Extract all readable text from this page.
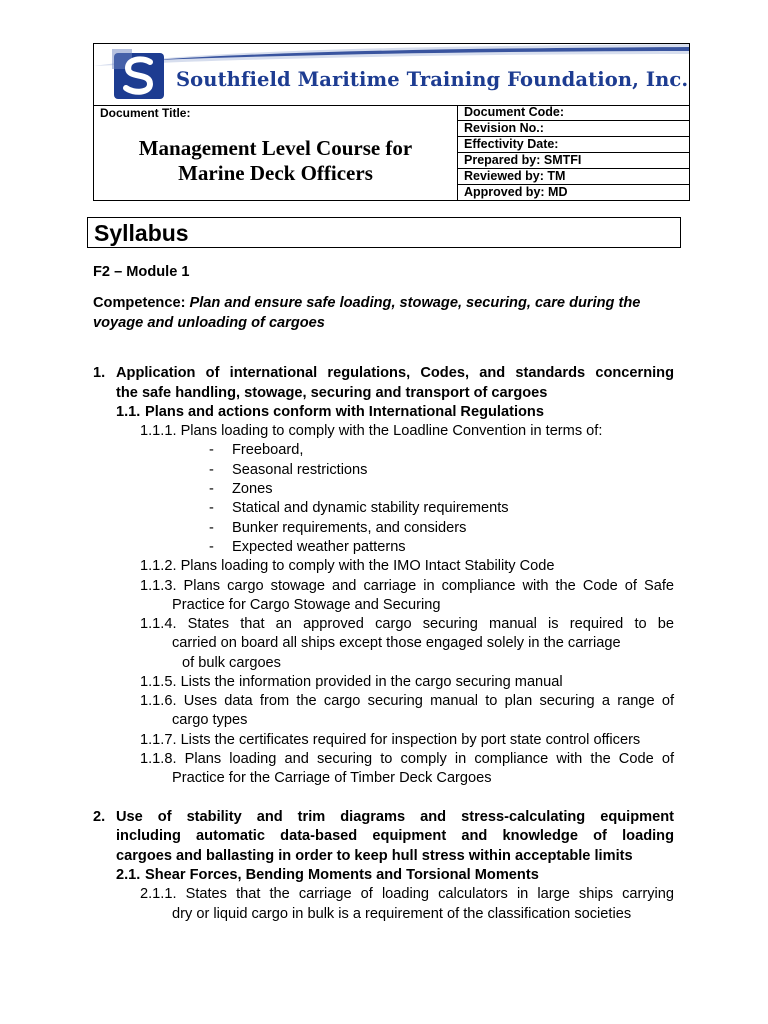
Southfield Maritime Training Foundation, Inc.
Document Title:
Management Level Course for
Marine Deck Officers
Document Code:
Revision No.:
Effectivity Date:
Prepared by: SMTFI
Reviewed by: TM
Approved by: MD
Syllabus
F2 – Module 1
Competence: Plan and ensure safe loading, stowage, securing, care during the
voyage and unloading of cargoes
1. Application of international regulations, Codes, and standards concerning
the safe handling, stowage, securing and transport of cargoes
1.1. Plans and actions conform with International Regulations
1.1.1. Plans loading to comply with the Loadline Convention in terms of:
- Freeboard,
- Seasonal restrictions
- Zones
- Statical and dynamic stability requirements
- Bunker requirements, and considers
- Expected weather patterns
1.1.2. Plans loading to comply with the IMO Intact Stability Code
1.1.3. Plans cargo stowage and carriage in compliance with the Code of Safe
Practice for Cargo Stowage and Securing
1.1.4. States that an approved cargo securing manual is required to be
carried on board all ships except those engaged solely in the carriage
of bulk cargoes
1.1.5. Lists the information provided in the cargo securing manual
1.1.6. Uses data from the cargo securing manual to plan securing a range of
cargo types
1.1.7. Lists the certificates required for inspection by port state control officers
1.1.8. Plans loading and securing to comply in compliance with the Code of
Practice for the Carriage of Timber Deck Cargoes
2. Use of stability and trim diagrams and stress-calculating equipment
including automatic data-based equipment and knowledge of loading
cargoes and ballasting in order to keep hull stress within acceptable limits
2.1. Shear Forces, Bending Moments and Torsional Moments
2.1.1. States that the carriage of loading calculators in large ships carrying
dry or liquid cargo in bulk is a requirement of the classification societies
